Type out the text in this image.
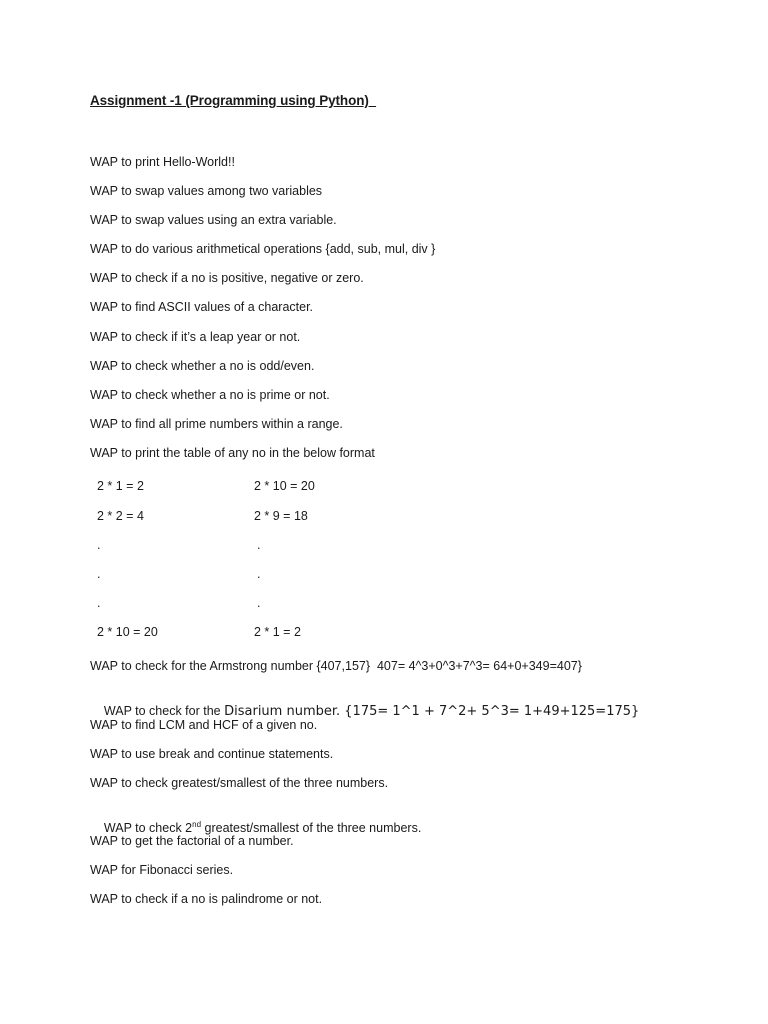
Assignment -1 (Programming using Python)
WAP to print Hello-World!!
WAP to swap values among two variables
WAP to swap values using an extra variable.
WAP to do various arithmetical operations {add, sub, mul, div }
WAP to check if a no is positive, negative or zero.
WAP to find ASCII values of a character.
WAP to check if it’s a leap year or not.
WAP to check whether a no is odd/even.
WAP to check whether a no is prime or not.
WAP to find all prime numbers within a range.
WAP to print the table of any no in the below format
2 * 1 = 2	2 * 10 = 20
2 * 2 = 4	2 * 9 = 18
.	.
.	.
.	.
2 * 10 = 20	2 * 1 = 2
WAP to check for the Armstrong number {407,157}  407= 4^3+0^3+7^3= 64+0+349=407}

WAP to check for the Disarium number. {175= 1^1 + 7^2+ 5^3= 1+49+125=175}

WAP to find LCM and HCF of a given no.
WAP to use break and continue statements.
WAP to check greatest/smallest of the three numbers.

WAP to check 2nd greatest/smallest of the three numbers.

WAP to get the factorial of a number.
WAP for Fibonacci series.
WAP to check if a no is palindrome or not.
